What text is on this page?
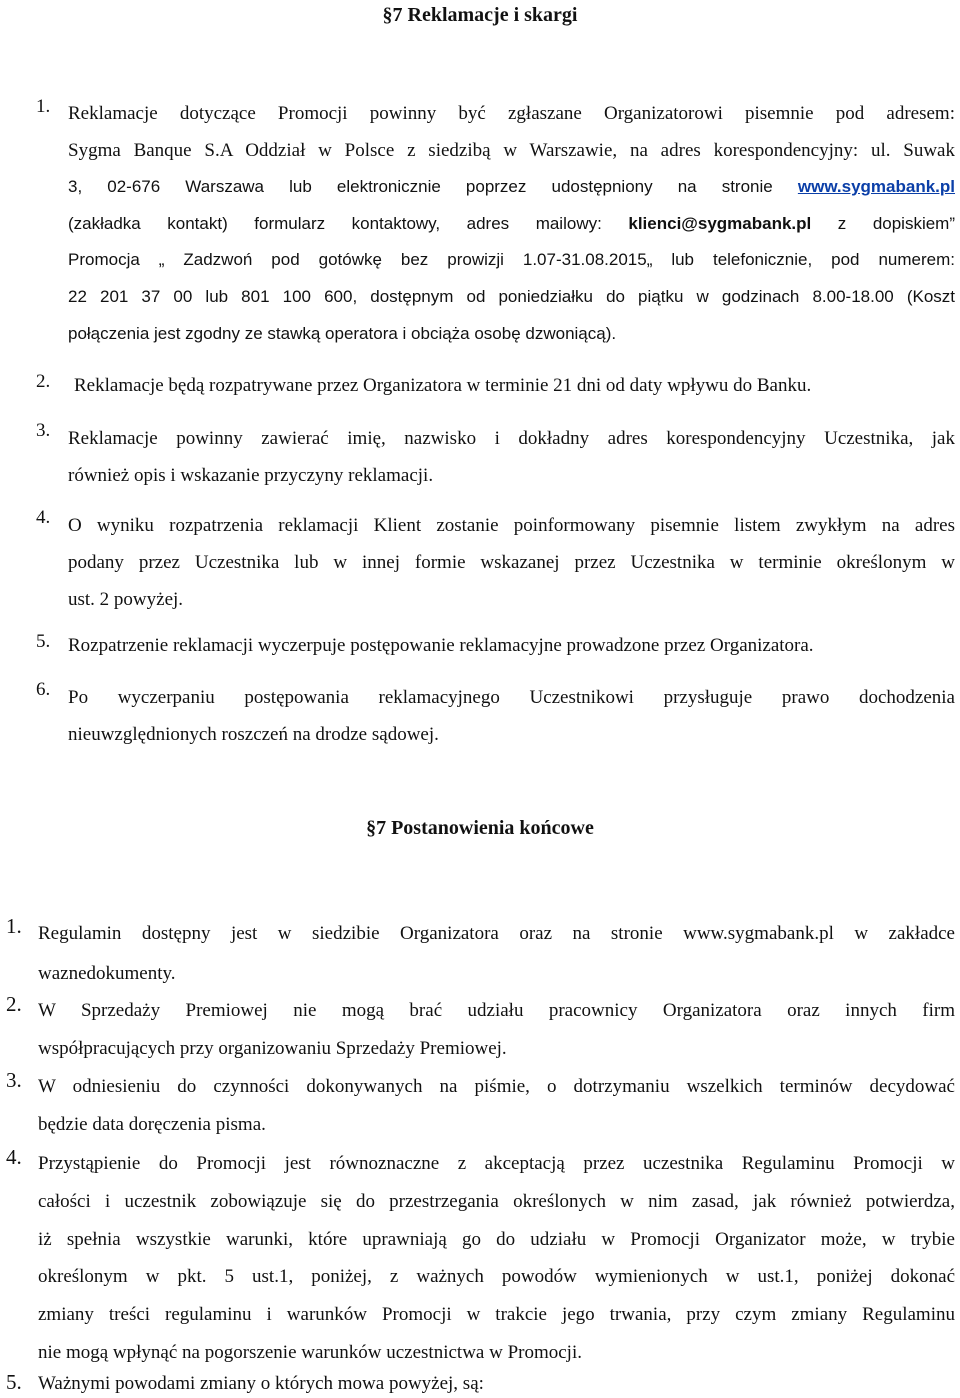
§7 Reklamacje i skargi
1. Reklamacje dotyczące Promocji powinny być zgłaszane Organizatorowi pisemnie pod adresem:
Sygma Banque S.A Oddział w Polsce z siedzibą w Warszawie, na adres korespondencyjny: ul. Suwak
3, 02-676 Warszawa lub elektronicznie poprzez udostępniony na stronie www.sygmabank.pl
(zakładka kontakt) formularz kontaktowy, adres mailowy: klienci@sygmabank.pl z dopiskiem”
Promocja „ Zadzwoń pod gotówkę bez prowizji 1.07-31.08.2015„ lub telefonicznie, pod numerem:
22 201 37 00 lub 801 100 600, dostępnym od poniedziałku do piątku w godzinach 8.00-18.00 (Koszt
połączenia jest zgodny ze stawką operatora i obciąża osobę dzwoniącą).
2. Reklamacje będą rozpatrywane przez Organizatora w terminie 21 dni od daty wpływu do Banku.
3. Reklamacje powinny zawierać imię, nazwisko i dokładny adres korespondencyjny Uczestnika, jak
również opis i wskazanie przyczyny reklamacji.
4. O wyniku rozpatrzenia reklamacji Klient zostanie poinformowany pisemnie listem zwykłym na adres
podany przez Uczestnika lub w innej formie wskazanej przez Uczestnika w terminie określonym w
ust. 2 powyżej.
5. Rozpatrzenie reklamacji wyczerpuje postępowanie reklamacyjne prowadzone przez Organizatora.
6. Po wyczerpaniu postępowania reklamacyjnego Uczestnikowi przysługuje prawo dochodzenia
nieuwzględnionych roszczeń na drodze sądowej.
§7 Postanowienia końcowe
1. Regulamin dostępny jest w siedzibie Organizatora oraz na stronie www.sygmabank.pl w zakładce
waznedokumenty.
2. W Sprzedaży Premiowej nie mogą brać udziału pracownicy Organizatora oraz innych firm
współpracujących przy organizowaniu Sprzedaży Premiowej.
3. W odniesieniu do czynności dokonywanych na piśmie, o dotrzymaniu wszelkich terminów decydować
będzie data doręczenia pisma.
4. Przystąpienie do Promocji jest równoznaczne z akceptacją przez uczestnika Regulaminu Promocji w
całości i uczestnik zobowiązuje się do przestrzegania określonych w nim zasad, jak również potwierdza,
iż spełnia wszystkie warunki, które uprawniają go do udziału w Promocji Organizator może, w trybie
określonym w pkt. 5 ust.1, poniżej, z ważnych powodów wymienionych w ust.1, poniżej dokonać
zmiany treści regulaminu i warunków Promocji w trakcie jego trwania, przy czym zmiany Regulaminu
nie mogą wpłynąć na pogorszenie warunków uczestnictwa w Promocji.
5. Ważnymi powodami zmiany o których mowa powyżej, są:
